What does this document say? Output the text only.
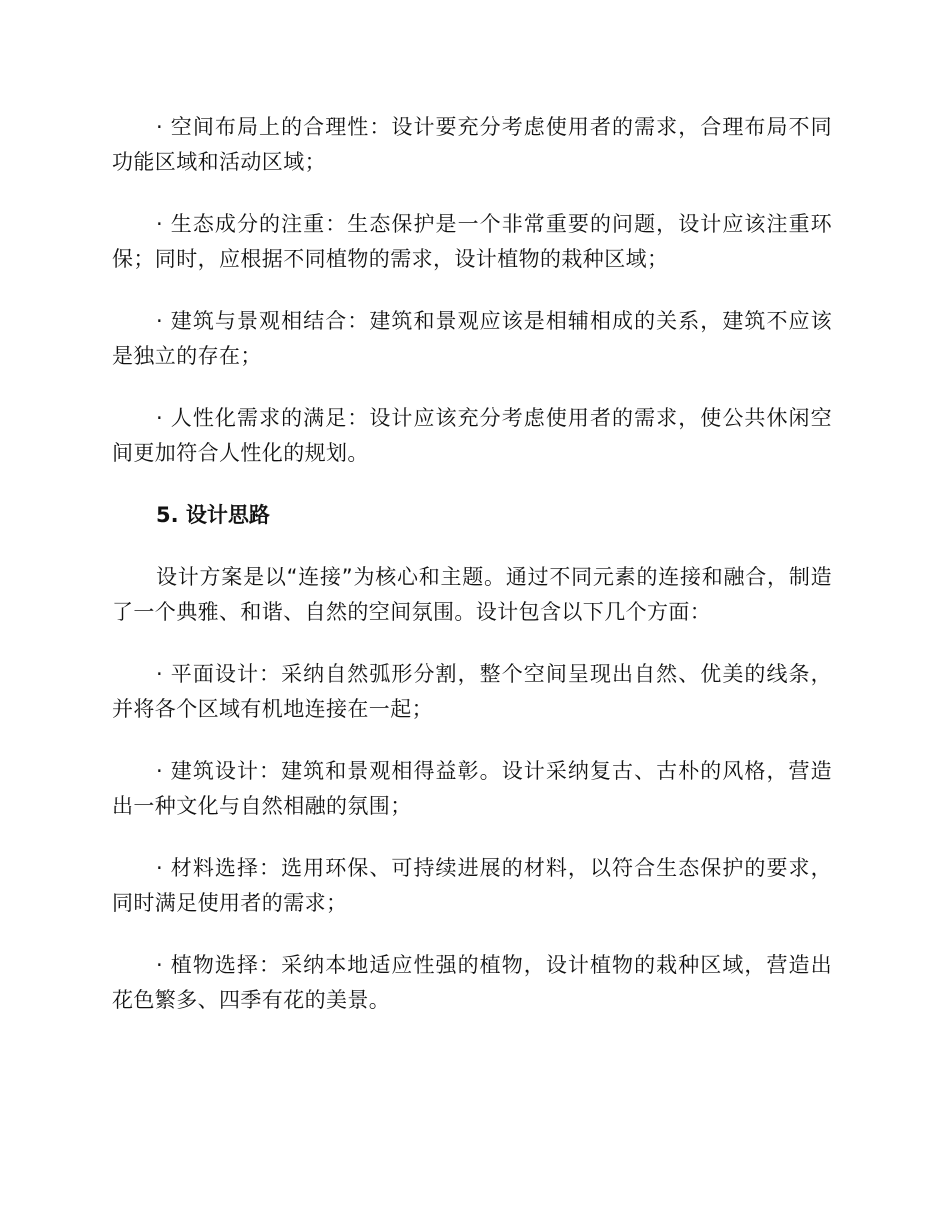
· 空间布局上的合理性：设计要充分考虑使用者的需求，合理布局不同功能区域和活动区域；

· 生态成分的注重：生态保护是一个非常重要的问题，设计应该注重环保；同时，应根据不同植物的需求，设计植物的栽种区域；

· 建筑与景观相结合：建筑和景观应该是相辅相成的关系，建筑不应该是独立的存在；

· 人性化需求的满足：设计应该充分考虑使用者的需求，使公共休闲空间更加符合人性化的规划。

5. 设计思路

设计方案是以“连接”为核心和主题。通过不同元素的连接和融合，制造了一个典雅、和谐、自然的空间氛围。设计包含以下几个方面：

· 平面设计：采纳自然弧形分割，整个空间呈现出自然、优美的线条，并将各个区域有机地连接在一起；

· 建筑设计：建筑和景观相得益彰。设计采纳复古、古朴的风格，营造出一种文化与自然相融的氛围；

· 材料选择：选用环保、可持续进展的材料，以符合生态保护的要求，同时满足使用者的需求；

· 植物选择：采纳本地适应性强的植物，设计植物的栽种区域，营造出花色繁多、四季有花的美景。
